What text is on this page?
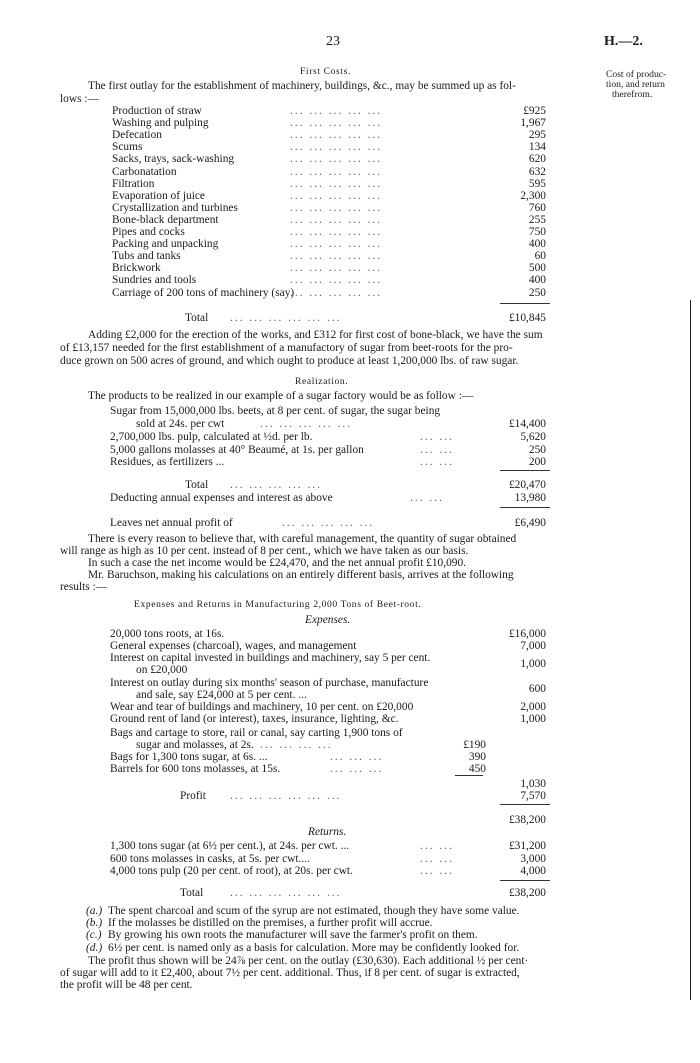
23	H.—2.
Cost of produc-
tion, and return
therefrom.
First Costs.
The first outlay for the establishment of machinery, buildings, &c., may be summed up as fol-
lows :—
Production of straw	... ... ... ... ...	£925
Washing and pulping	... ... ... ... ...	1,967
Defecation	... ... ... ... ...	295
Scums	... ... ... ... ...	134
Sacks, trays, sack-washing	... ... ... ... ...	620
Carbonatation	... ... ... ... ...	632
Filtration	... ... ... ... ...	595
Evaporation of juice	... ... ... ... ...	2,300
Crystallization and turbines	... ... ... ... ...	760
Bone-black department	... ... ... ... ...	255
Pipes and cocks	... ... ... ... ...	750
Packing and unpacking	... ... ... ... ...	400
Tubs and tanks	... ... ... ... ...	60
Brickwork	... ... ... ... ...	500
Sundries and tools	... ... ... ... ...	400
Carriage of 200 tons of machinery (say)
... ... ... ... ...	250
Total ... ... ... ... ... ...	£10,845
Adding £2,000 for the erection of the works, and £312 for first cost of bone-black, we have the sum
of £13,157 needed for the first establishment of a manufactory of sugar from beet-roots for the pro-
duce grown on 500 acres of ground, and which ought to produce at least 1,200,000 lbs. of raw sugar.
Realization.
The products to be realized in our example of a sugar factory would be as follow :—
Sugar from 15,000,000 lbs. beets, at 8 per cent. of sugar, the sugar being
sold at 24s. per cwt	... ... ... ... ...	£14,400
2,700,000 lbs. pulp, calculated at ½d. per lb.	... ...	5,620
5,000 gallons molasses at 40° Beaumé, at 1s. per gallon	... ...	250
Residues, as fertilizers ...	... ...	200
Total ... ... ... ... ...	£20,470
Deducting annual expenses and interest as above	... ...	13,980
Leaves net annual profit of	... ... ... ... ...	£6,490
There is every reason to believe that, with careful management, the quantity of sugar obtained
will range as high as 10 per cent. instead of 8 per cent., which we have taken as our basis.
In such a case the net income would be £24,470, and the net annual profit £10,090.
Mr. Baruchson, making his calculations on an entirely different basis, arrives at the following
results :—
Expenses and Returns in Manufacturing 2,000 Tons of Beet-root.
Expenses.
20,000 tons roots, at 16s.	£16,000
General expenses (charcoal), wages, and management	7,000
Interest on capital invested in buildings and machinery, say 5 per cent.
on £20,000	1,000
Interest on outlay during six months' season of purchase, manufacture
and sale, say £24,000 at 5 per cent. ...	600
Wear and tear of buildings and machinery, 10 per cent. on £20,000	2,000
Ground rent of land (or interest), taxes, insurance, lighting, &c.	1,000
Bags and cartage to store, rail or canal, say carting 1,900 tons of
sugar and molasses, at 2s. ... ... ... ...	£190
Bags for 1,300 tons sugar, at 6s. ...	... ... ...	390
Barrels for 600 tons molasses, at 15s.	... ... ...	450
1,030
Profit ... ... ... ... ... ...	7,570
£38,200
Returns.
1,300 tons sugar (at 6½ per cent.), at 24s. per cwt. ...	... ...	£31,200
600 tons molasses in casks, at 5s. per cwt....	... ...	3,000
4,000 tons pulp (20 per cent. of root), at 20s. per cwt.	... ...	4,000
Total ... ... ... ... ... ...	£38,200
(a.) The spent charcoal and scum of the syrup are not estimated, though they have some value.
(b.) If the molasses be distilled on the premises, a further profit will accrue.
(c.) By growing his own roots the manufacturer will save the farmer's profit on them.
(d.) 6½ per cent. is named only as a basis for calculation. More may be confidently looked for.
The profit thus shown will be 24⅞ per cent. on the outlay (£30,630). Each additional ½ per cent·
of sugar will add to it £2,400, about 7½ per cent. additional. Thus, if 8 per cent. of sugar is extracted,
the profit will be 48 per cent.
